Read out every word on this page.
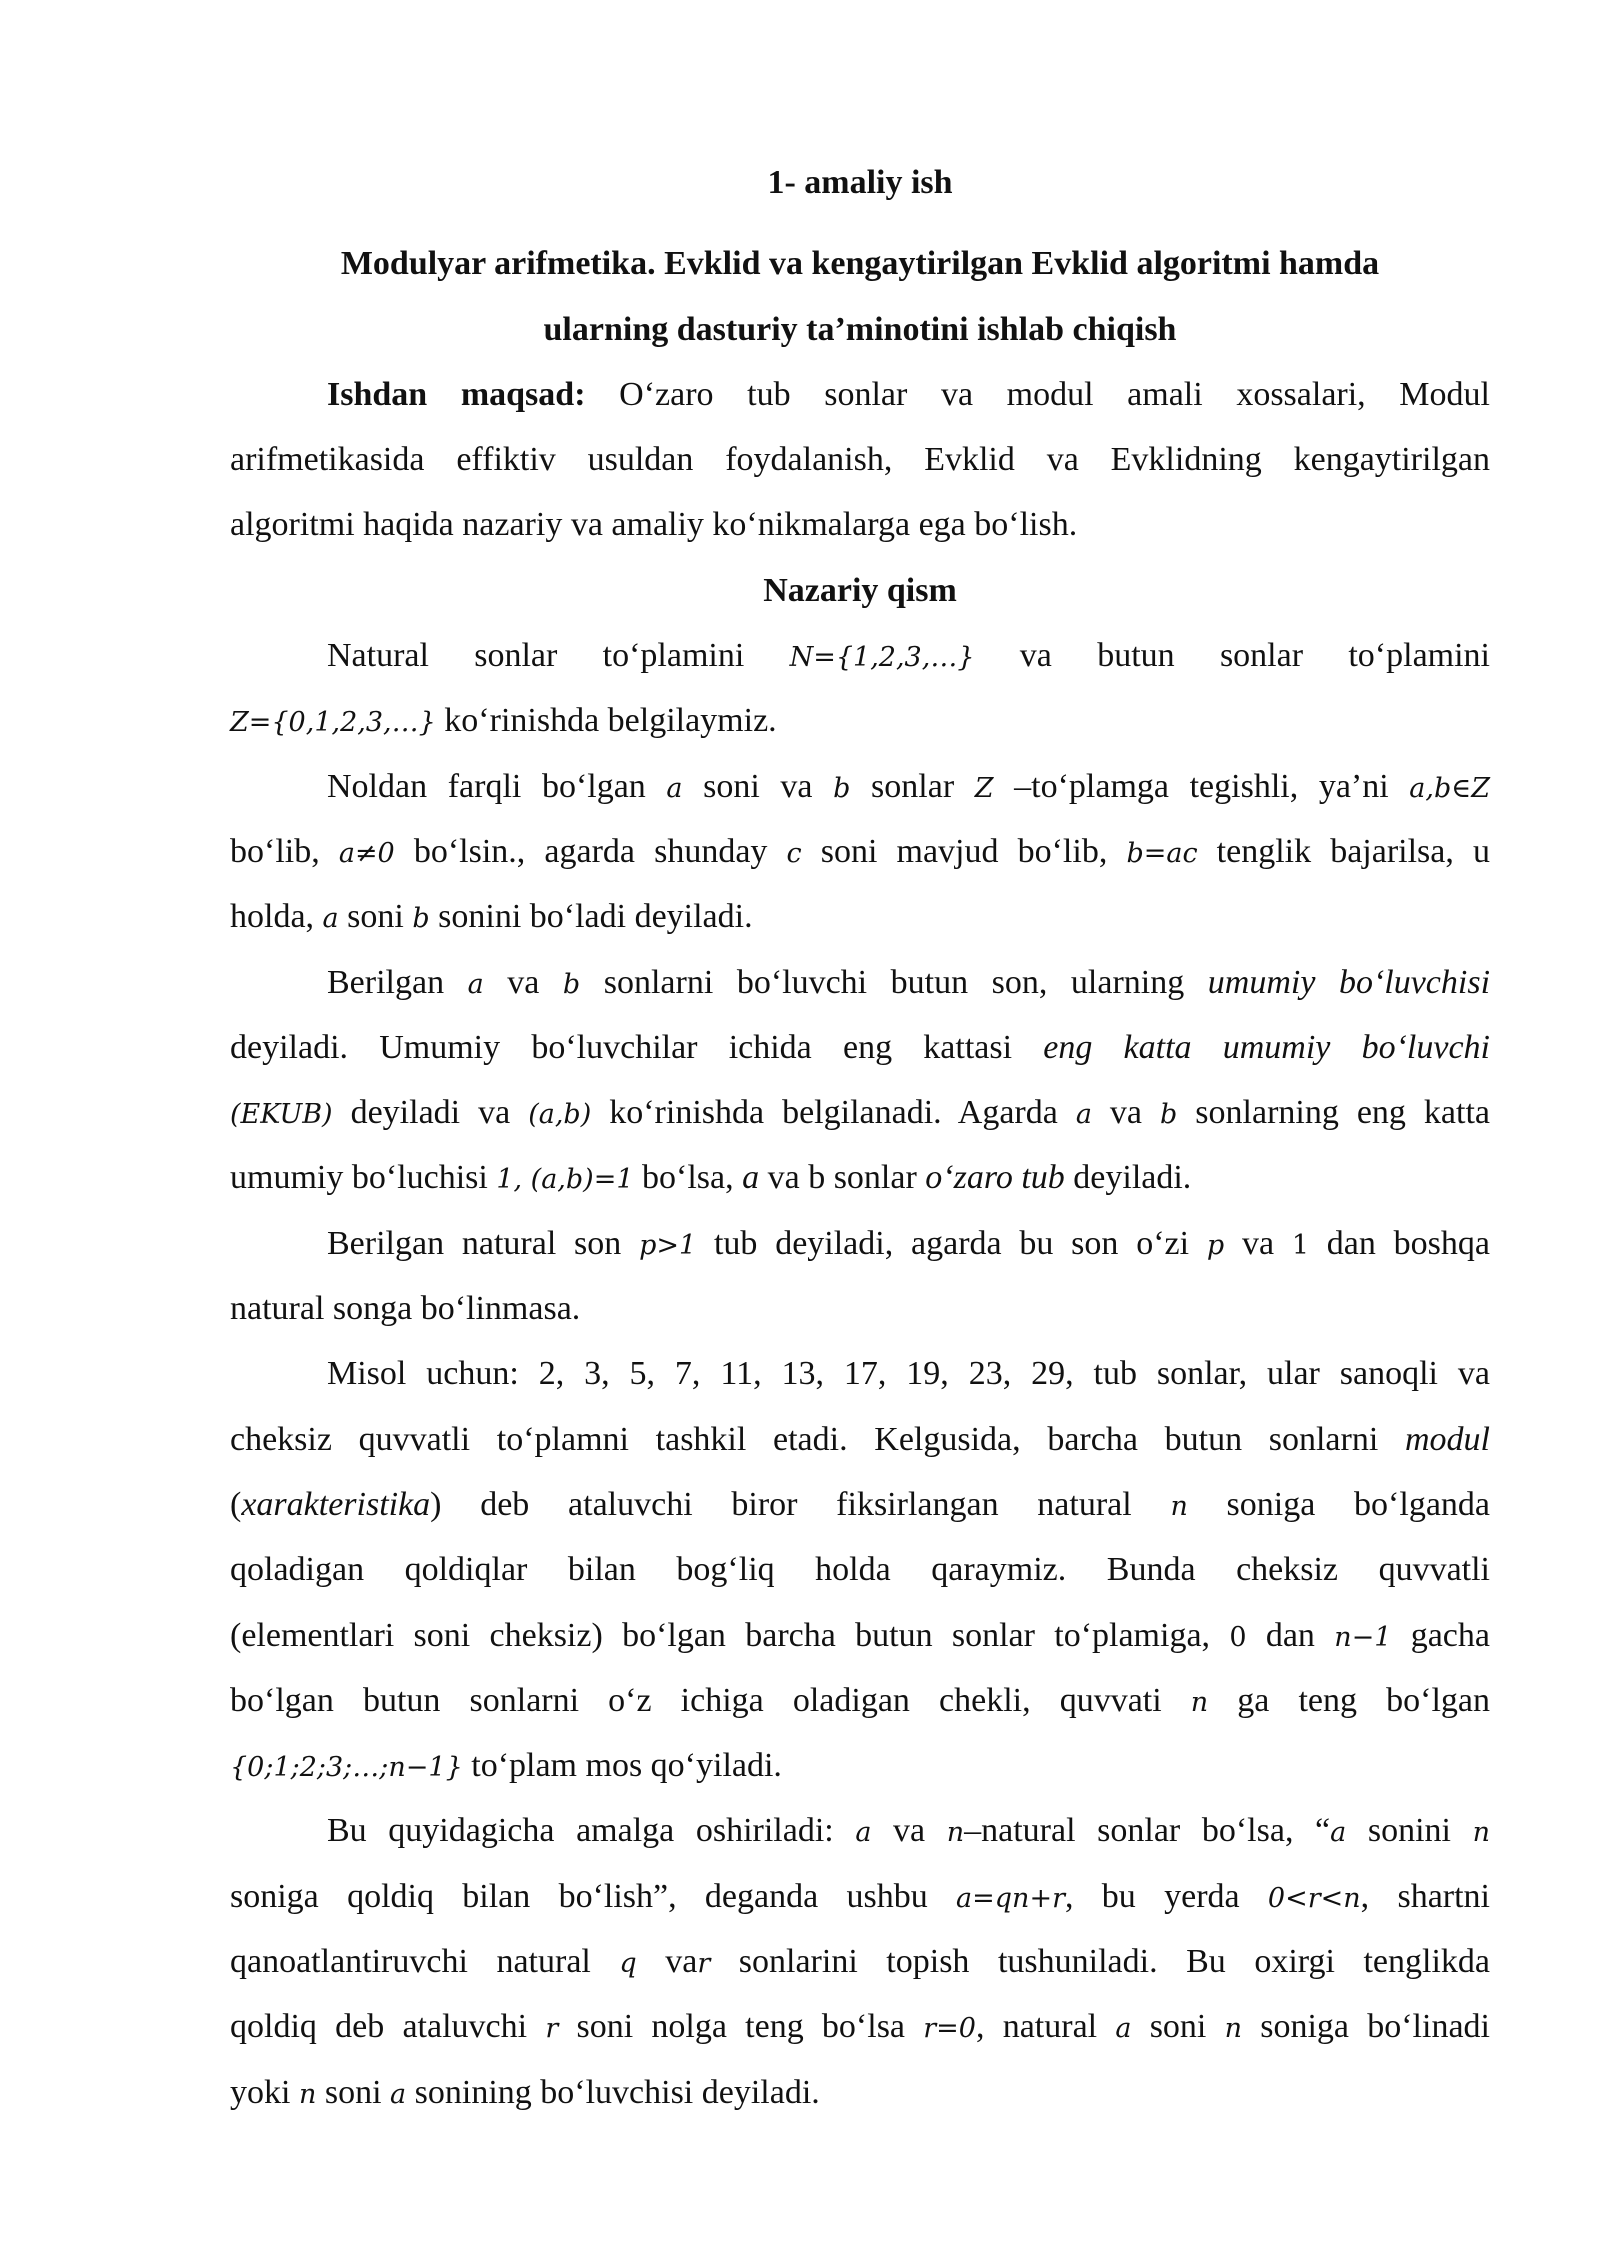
1- amaliy ish
Modulyar arifmetika. Evklid va kengaytirilgan Evklid algoritmi hamda
ularning dasturiy ta’minotini ishlab chiqish
Ishdan maqsad: O‘zaro tub sonlar va modul amali xossalari, Modul
arifmetikasida effiktiv usuldan foydalanish, Evklid va Evklidning kengaytirilgan
algoritmi haqida nazariy va amaliy ko‘nikmalarga ega bo‘lish.
Nazariy qism
Natural sonlar to‘plamini N={1,2,3,…} va butun sonlar to‘plamini
Z={0,1,2,3,…} ko‘rinishda belgilaymiz.
Noldan farqli bo‘lgan a soni va b sonlar Z –to‘plamga tegishli, ya’ni a,b∈Z
bo‘lib, a≠0 bo‘lsin., agarda shunday c soni mavjud bo‘lib, b=ac tenglik bajarilsa, u
holda, a soni b sonini bo‘ladi deyiladi.
Berilgan a va b sonlarni bo‘luvchi butun son, ularning umumiy bo‘luvchisi
deyiladi. Umumiy bo‘luvchilar ichida eng kattasi eng katta umumiy bo‘luvchi
(EKUB) deyiladi va (a,b) ko‘rinishda belgilanadi. Agarda a va b sonlarning eng katta
umumiy bo‘luchisi 1, (a,b)=1 bo‘lsa, a va b sonlar o‘zaro tub deyiladi.
Berilgan natural son p>1 tub deyiladi, agarda bu son o‘zi p va 1 dan boshqa
natural songa bo‘linmasa.
Misol uchun: 2, 3, 5, 7, 11, 13, 17, 19, 23, 29, tub sonlar, ular sanoqli va
cheksiz quvvatli to‘plamni tashkil etadi. Kelgusida, barcha butun sonlarni modul
(xarakteristika) deb ataluvchi biror fiksirlangan natural n soniga bo‘lganda
qoladigan qoldiqlar bilan bog‘liq holda qaraymiz. Bunda cheksiz quvvatli
(elementlari soni cheksiz) bo‘lgan barcha butun sonlar to‘plamiga, 0 dan n−1 gacha
bo‘lgan butun sonlarni o‘z ichiga oladigan chekli, quvvati n ga teng bo‘lgan
{0;1;2;3;…;n−1} to‘plam mos qo‘yiladi.
Bu quyidagicha amalga oshiriladi: a va n–natural sonlar bo‘lsa, “a sonini n
soniga qoldiq bilan bo‘lish”, deganda ushbu a=qn+r, bu yerda 0<r<n, shartni
qanoatlantiruvchi natural q var sonlarini topish tushuniladi. Bu oxirgi tenglikda
qoldiq deb ataluvchi r soni nolga teng bo‘lsa r=0, natural a soni n soniga bo‘linadi
yoki n soni a sonining bo‘luvchisi deyiladi.
